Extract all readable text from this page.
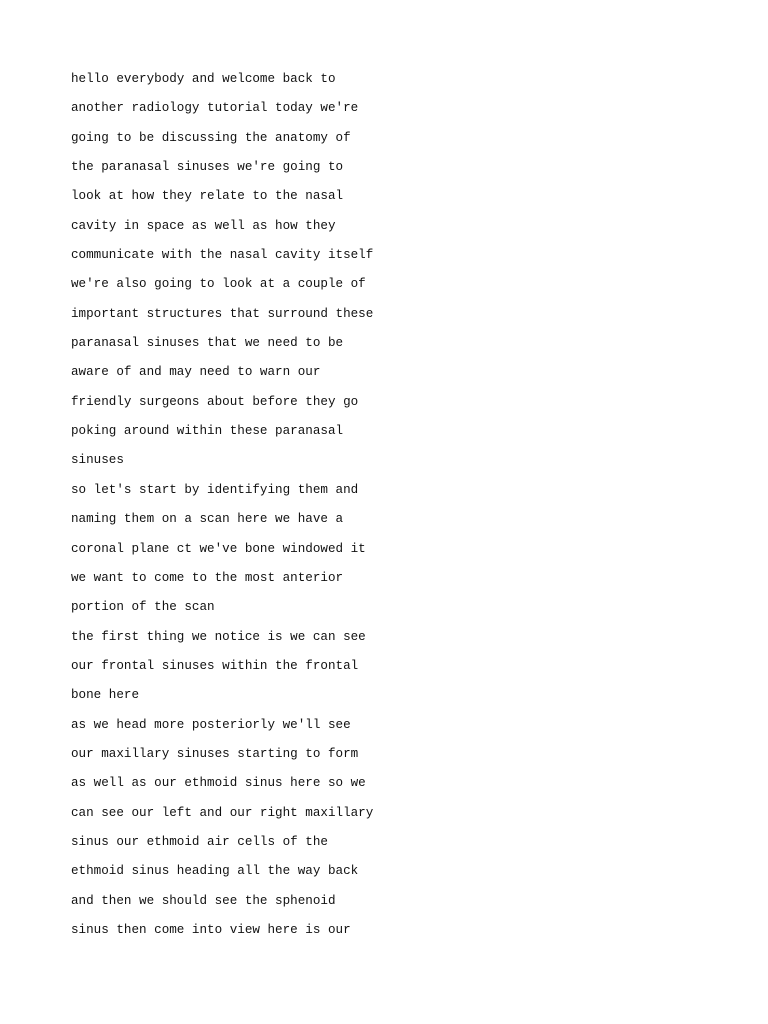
hello everybody and welcome back to
another radiology tutorial today we're
going to be discussing the anatomy of
the paranasal sinuses we're going to
look at how they relate to the nasal
cavity in space as well as how they
communicate with the nasal cavity itself
we're also going to look at a couple of
important structures that surround these
paranasal sinuses that we need to be
aware of and may need to warn our
friendly surgeons about before they go
poking around within these paranasal
sinuses
so let's start by identifying them and
naming them on a scan here we have a
coronal plane ct we've bone windowed it
we want to come to the most anterior
portion of the scan
the first thing we notice is we can see
our frontal sinuses within the frontal
bone here
as we head more posteriorly we'll see
our maxillary sinuses starting to form
as well as our ethmoid sinus here so we
can see our left and our right maxillary
sinus our ethmoid air cells of the
ethmoid sinus heading all the way back
and then we should see the sphenoid
sinus then come into view here is our
